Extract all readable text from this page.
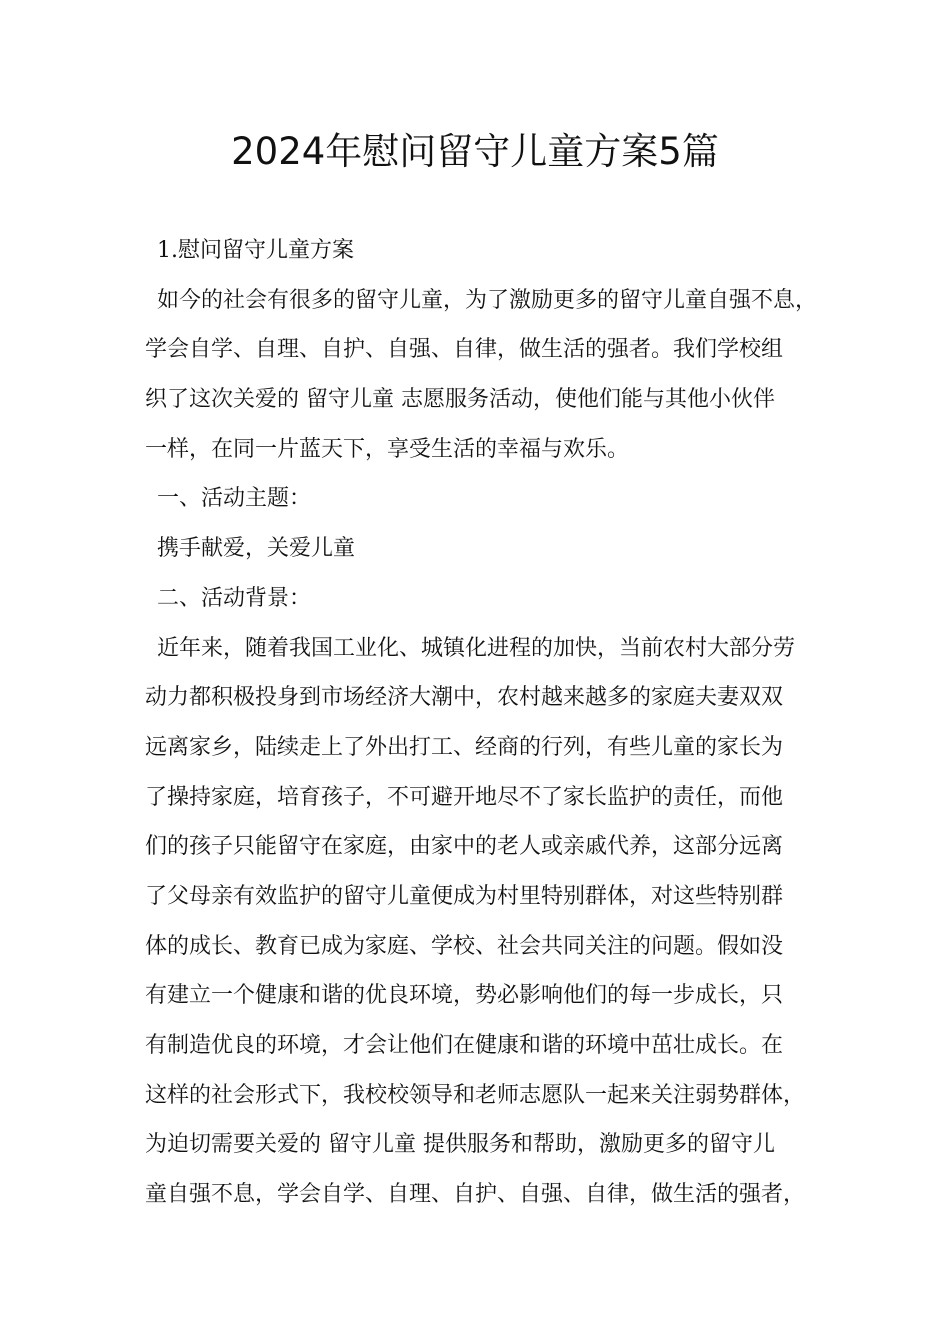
2024年慰问留守儿童方案5篇

1.慰问留守儿童方案

如今的社会有很多的留守儿童，为了激励更多的留守儿童自强不息，

学会自学、自理、自护、自强、自律，做生活的强者。我们学校组

织了这次关爱的 留守儿童 志愿服务活动，使他们能与其他小伙伴

一样，在同一片蓝天下，享受生活的幸福与欢乐。

一、活动主题：

携手献爱，关爱儿童

二、活动背景：

近年来，随着我国工业化、城镇化进程的加快，当前农村大部分劳

动力都积极投身到市场经济大潮中，农村越来越多的家庭夫妻双双

远离家乡，陆续走上了外出打工、经商的行列，有些儿童的家长为

了操持家庭，培育孩子，不可避开地尽不了家长监护的责任，而他

们的孩子只能留守在家庭，由家中的老人或亲戚代养，这部分远离

了父母亲有效监护的留守儿童便成为村里特别群体，对这些特别群

体的成长、教育已成为家庭、学校、社会共同关注的问题。假如没

有建立一个健康和谐的优良环境，势必影响他们的每一步成长，只

有制造优良的环境，才会让他们在健康和谐的环境中茁壮成长。在

这样的社会形式下，我校校领导和老师志愿队一起来关注弱势群体，

为迫切需要关爱的 留守儿童 提供服务和帮助，激励更多的留守儿

童自强不息，学会自学、自理、自护、自强、自律，做生活的强者，
